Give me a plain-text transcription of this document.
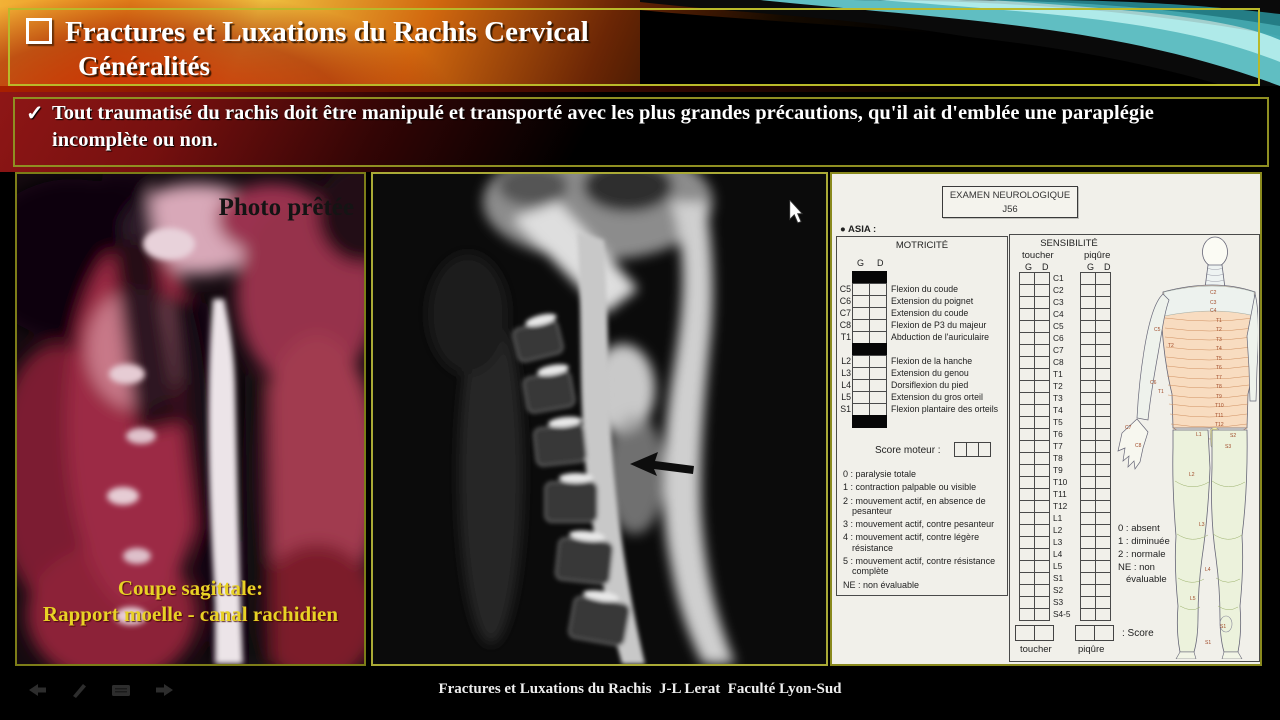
Fractures et Luxations du Rachis Cervical
Généralités
✓ Tout traumatisé du rachis doit être manipulé et transporté avec les plus grandes précautions, qu'il ait d'emblée une paraplégie incomplète ou non.
Photo prêtée
Coupe sagittale:
Rapport moelle - canal rachidien
EXAMEN NEUROLOGIQUE
J56
● ASIA :
MOTRICITÉ
G D
C5	Flexion du coude
C6	Extension du poignet
C7	Extension du coude
C8	Flexion de P3 du majeur
T1	Abduction de l'auriculaire
L2	Flexion de la hanche
L3	Extension du genou
L4	Dorsiflexion du pied
L5	Extension du gros orteil
S1	Flexion plantaire des orteils
Score moteur :
0 : paralysie totale
1 : contraction palpable ou visible
2 : mouvement actif, en absence de pesanteur
3 : mouvement actif, contre pesanteur
4 : mouvement actif, contre légère résistance
5 : mouvement actif, contre résistance complète
NE : non évaluable
SENSIBILITÉ
toucher	piqûre
G D	G D
C1
C2
C3
C4
C5
C6
C7
C8
T1
T2
T3
T4
T5
T6
T7
T8
T9
T10
T11
T12
L1
L2
L3
L4
L5
S1
S2
S3
S4-5
: Score
toucher	piqûre
0 : absent
1 : diminuée
2 : normale
NE : non évaluable
C2
C3
C4
T1
T2
T3
T4
T5
T6
T7
T8
T9
T10
T11
T12
C5
T2
C6
T1
C7
C8
L1	S2
S3
L2
L3
L4
L5
S1
S1
Fractures et Luxations du Rachis  J-L Lerat  Faculté Lyon-Sud
